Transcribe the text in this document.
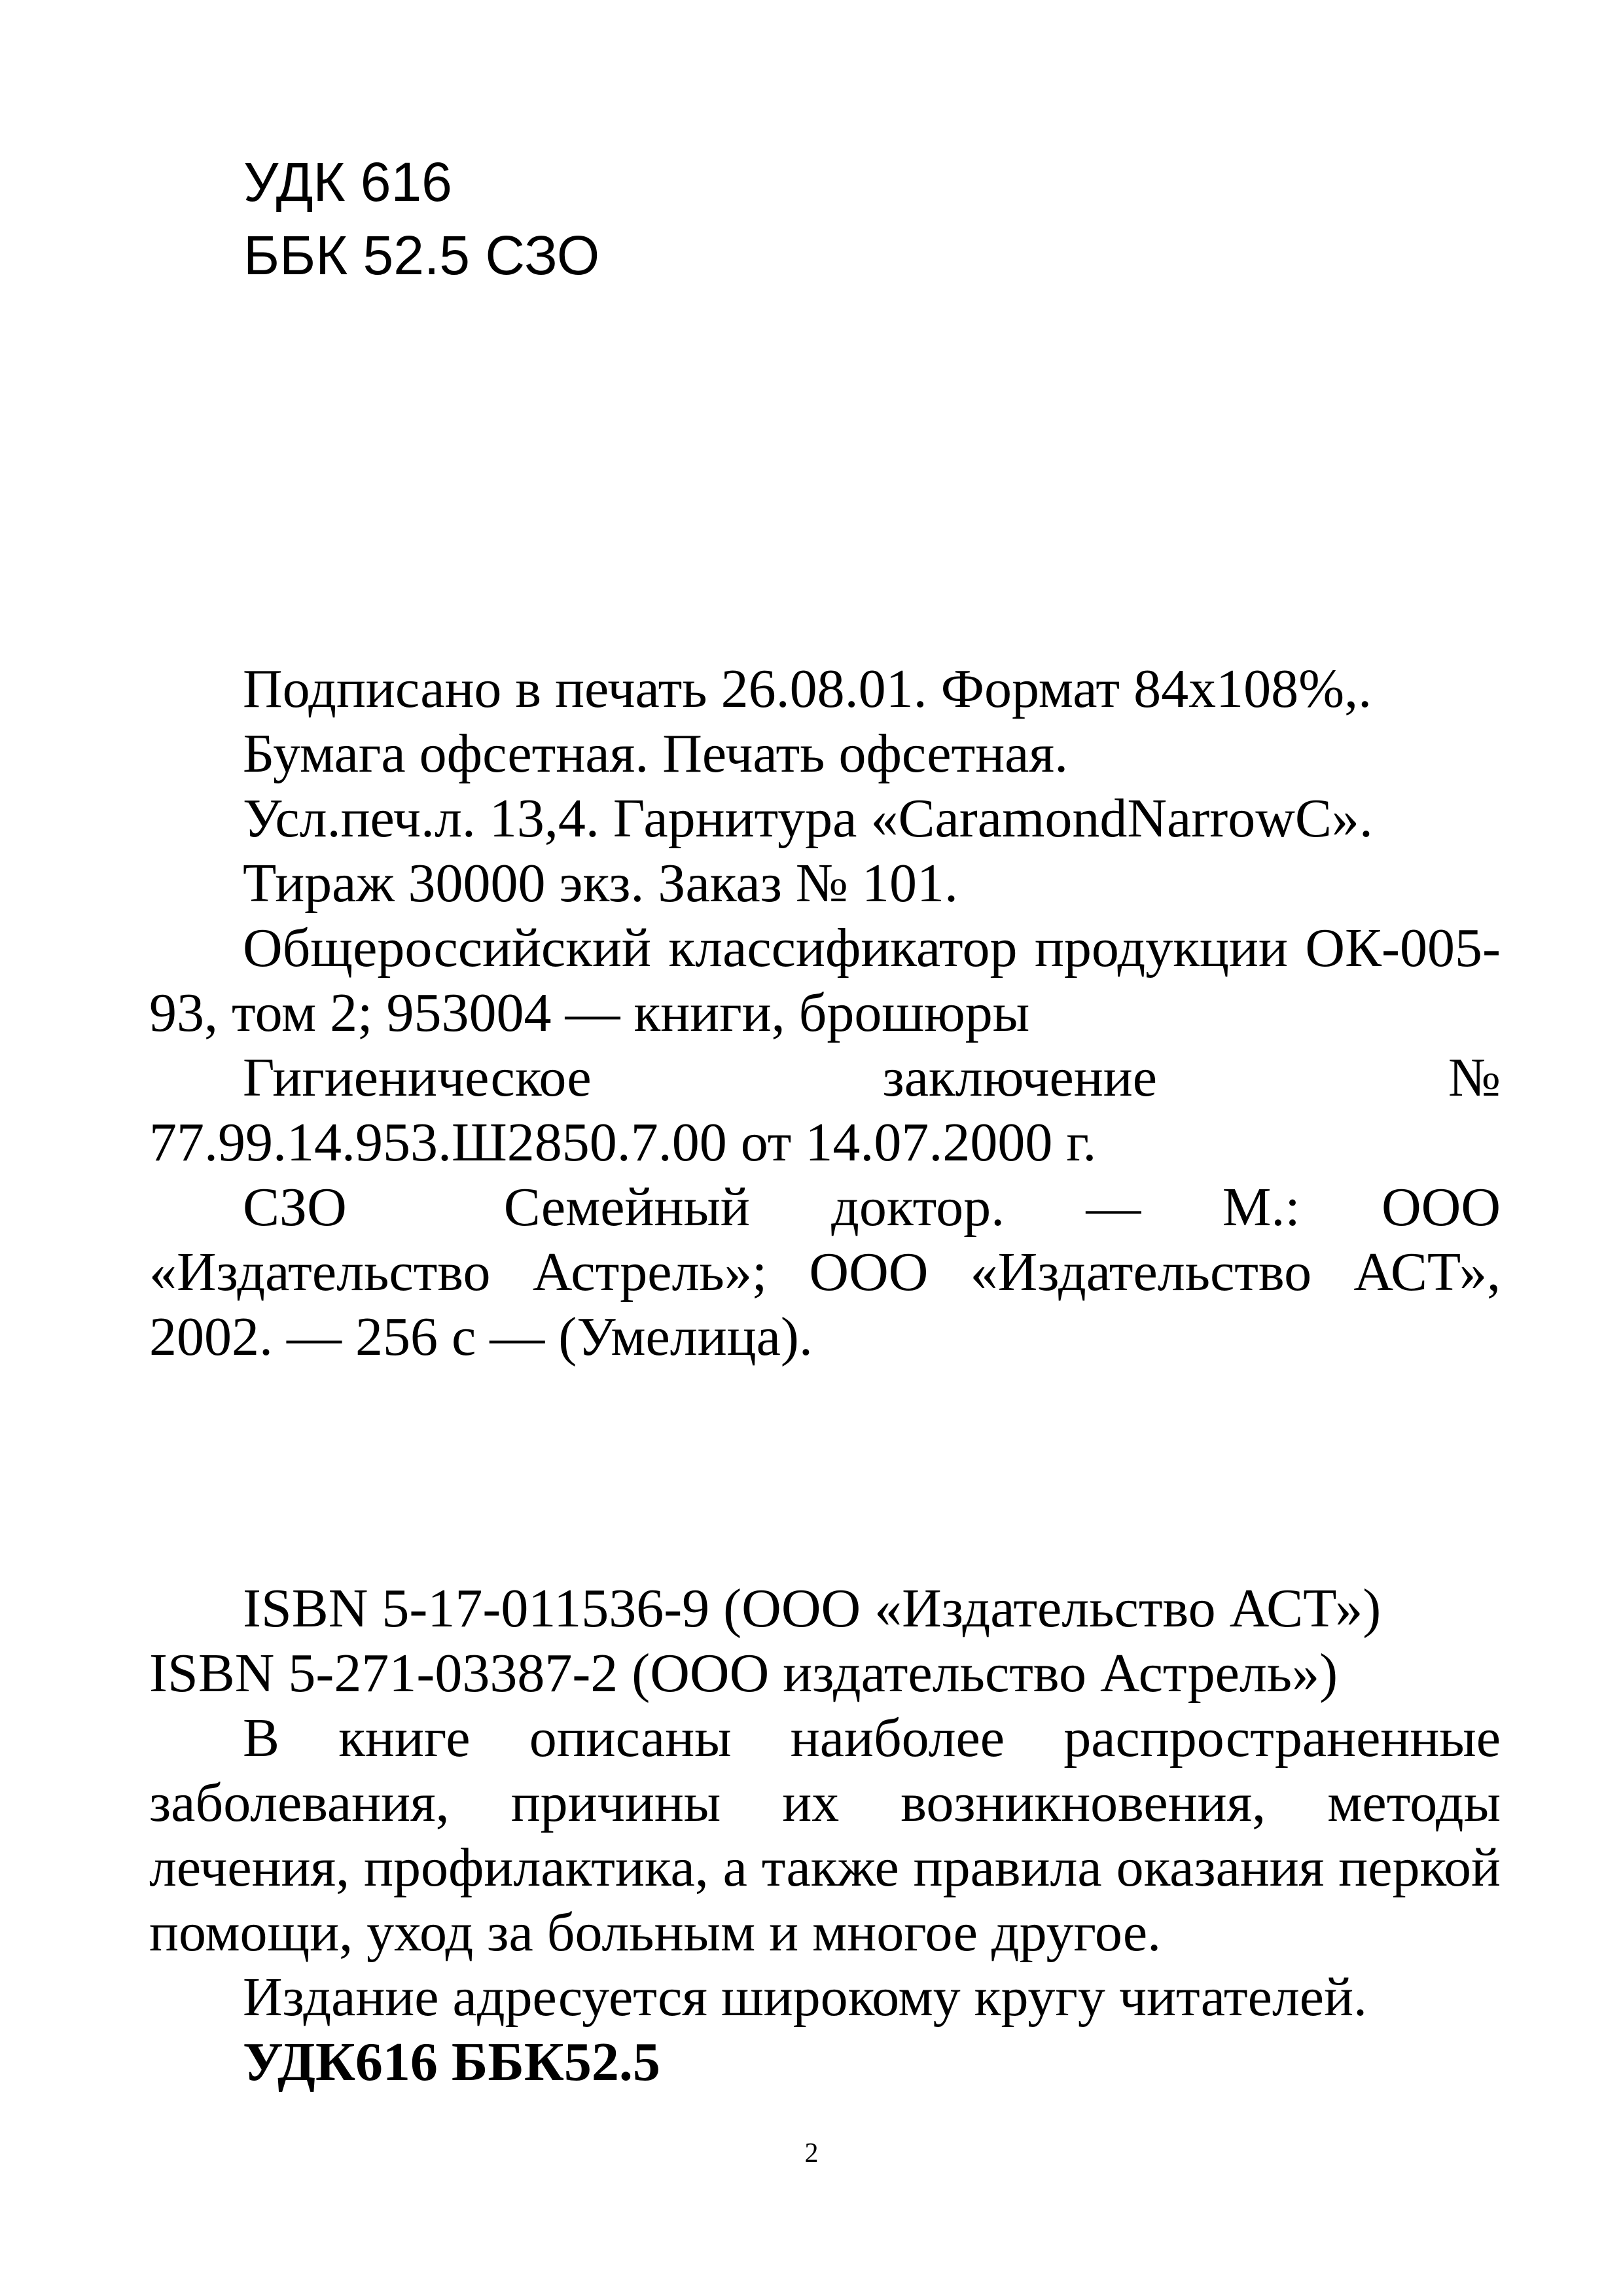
УДК 616
ББК 52.5 СЗО

Подписано в печать 26.08.01. Формат 84x108%,.

Бумага офсетная. Печать офсетная.

Усл.печ.л. 13,4. Гарнитура «CaramondNarrowC».

Тираж 30000 экз. Заказ № 101.

Общероссийский классификатор продукции ОК-005-93, том 2; 953004 — книги, брошюры

Гигиеническое заключение №

77.99.14.953.Ш2850.7.00 от 14.07.2000 г.

СЗО	Семейный доктор. — М.: ООО «Издательство Астрель»; ООО «Издательство АСТ», 2002. — 256 с — (Умелица).

ISBN 5-17-011536-9 (ООО «Издательство АСТ»)

ISBN 5-271-03387-2 (ООО издательство Астрель»)

В книге описаны наиболее распространенные заболевания, причины их возникновения, методы лечения, профилактика, а также правила оказания перкой помощи, уход за больным и многое другое.

Издание адресуется широкому кругу читателей.

УДК616 ББК52.5

2
